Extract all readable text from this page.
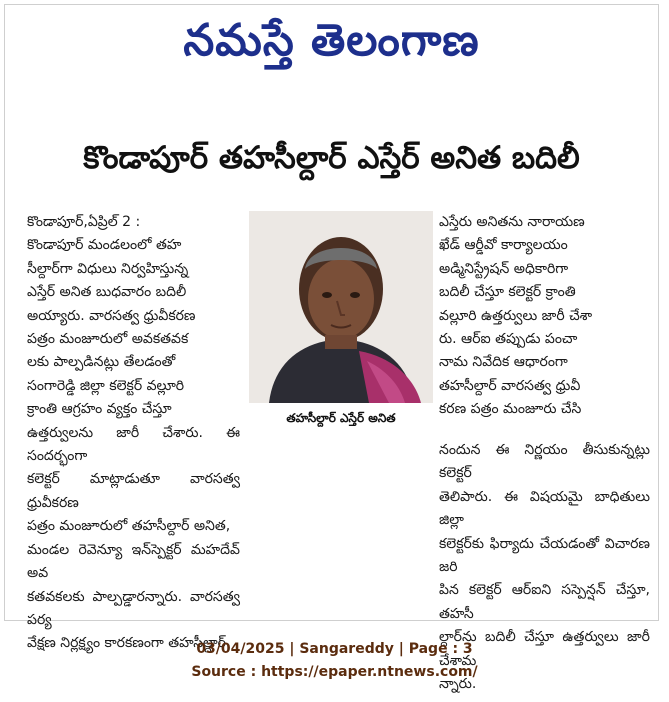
నమస్తే తెలంగాణ
కొండాపూర్ తహసీల్దార్ ఎస్తేర్ అనిత బదిలీ

కొండాపూర్,ఏప్రిల్ 2 :

కొండాపూర్ మండలంలో తహ

సీల్దార్‌గా విధులు నిర్వహిస్తున్న

ఎస్తేర్ అనిత బుధవారం బదిలీ

అయ్యారు. వారసత్వ ధ్రువీకరణ

పత్రం మంజూరులో అవకతవక

లకు పాల్పడినట్లు తేలడంతో

సంగారెడ్డి జిల్లా కలెక్టర్ వల్లూరి

క్రాంతి ఆగ్రహం వ్యక్తం చేస్తూ

ఉత్తర్వులను జారీ చేశారు. ఈ సందర్భంగా

కలెక్టర్ మాట్లాడుతూ వారసత్వ ధ్రువీకరణ

పత్రం మంజూరులో తహసీల్దార్ అనిత,

మండల రెవెన్యూ ఇన్‌స్పెక్టర్ మహదేవ్ అవ

కతవకలకు పాల్పడ్డారన్నారు. వారసత్వ పర్య

వేక్షణ నిర్లక్ష్యం కారకణంగా తహసీల్దార్

తహసీల్దార్ ఎస్తేర్ అనిత

ఎస్తేరు అనితను నారాయణ

ఖేడ్ ఆర్డీవో కార్యాలయం

అడ్మినిస్ట్రేషన్ అధికారిగా

బదిలీ చేస్తూ కలెక్టర్ క్రాంతి

వల్లూరి ఉత్తర్వులు జారీ చేశా

రు. ఆర్ఐ తప్పుడు పంచా

నామ నివేదిక ఆధారంగా

తహసీల్దార్ వారసత్వ ధ్రువీ

కరణ పత్రం మంజూరు చేసి

నందున ఈ నిర్ణయం తీసుకున్నట్లు కలెక్టర్

తెలిపారు. ఈ విషయమై బాధితులు జిల్లా

కలెక్టర్‌కు ఫిర్యాదు చేయడంతో విచారణ జరి

పిన కలెక్టర్ ఆర్ఐని సస్పెన్షన్ చేస్తూ, తహసీ

ల్దార్‌ను బదిలీ చేస్తూ ఉత్తర్వులు జారీ చేశామ

న్నారు.

03/04/2025 | Sangareddy | Page : 3
Source : https://epaper.ntnews.com/
